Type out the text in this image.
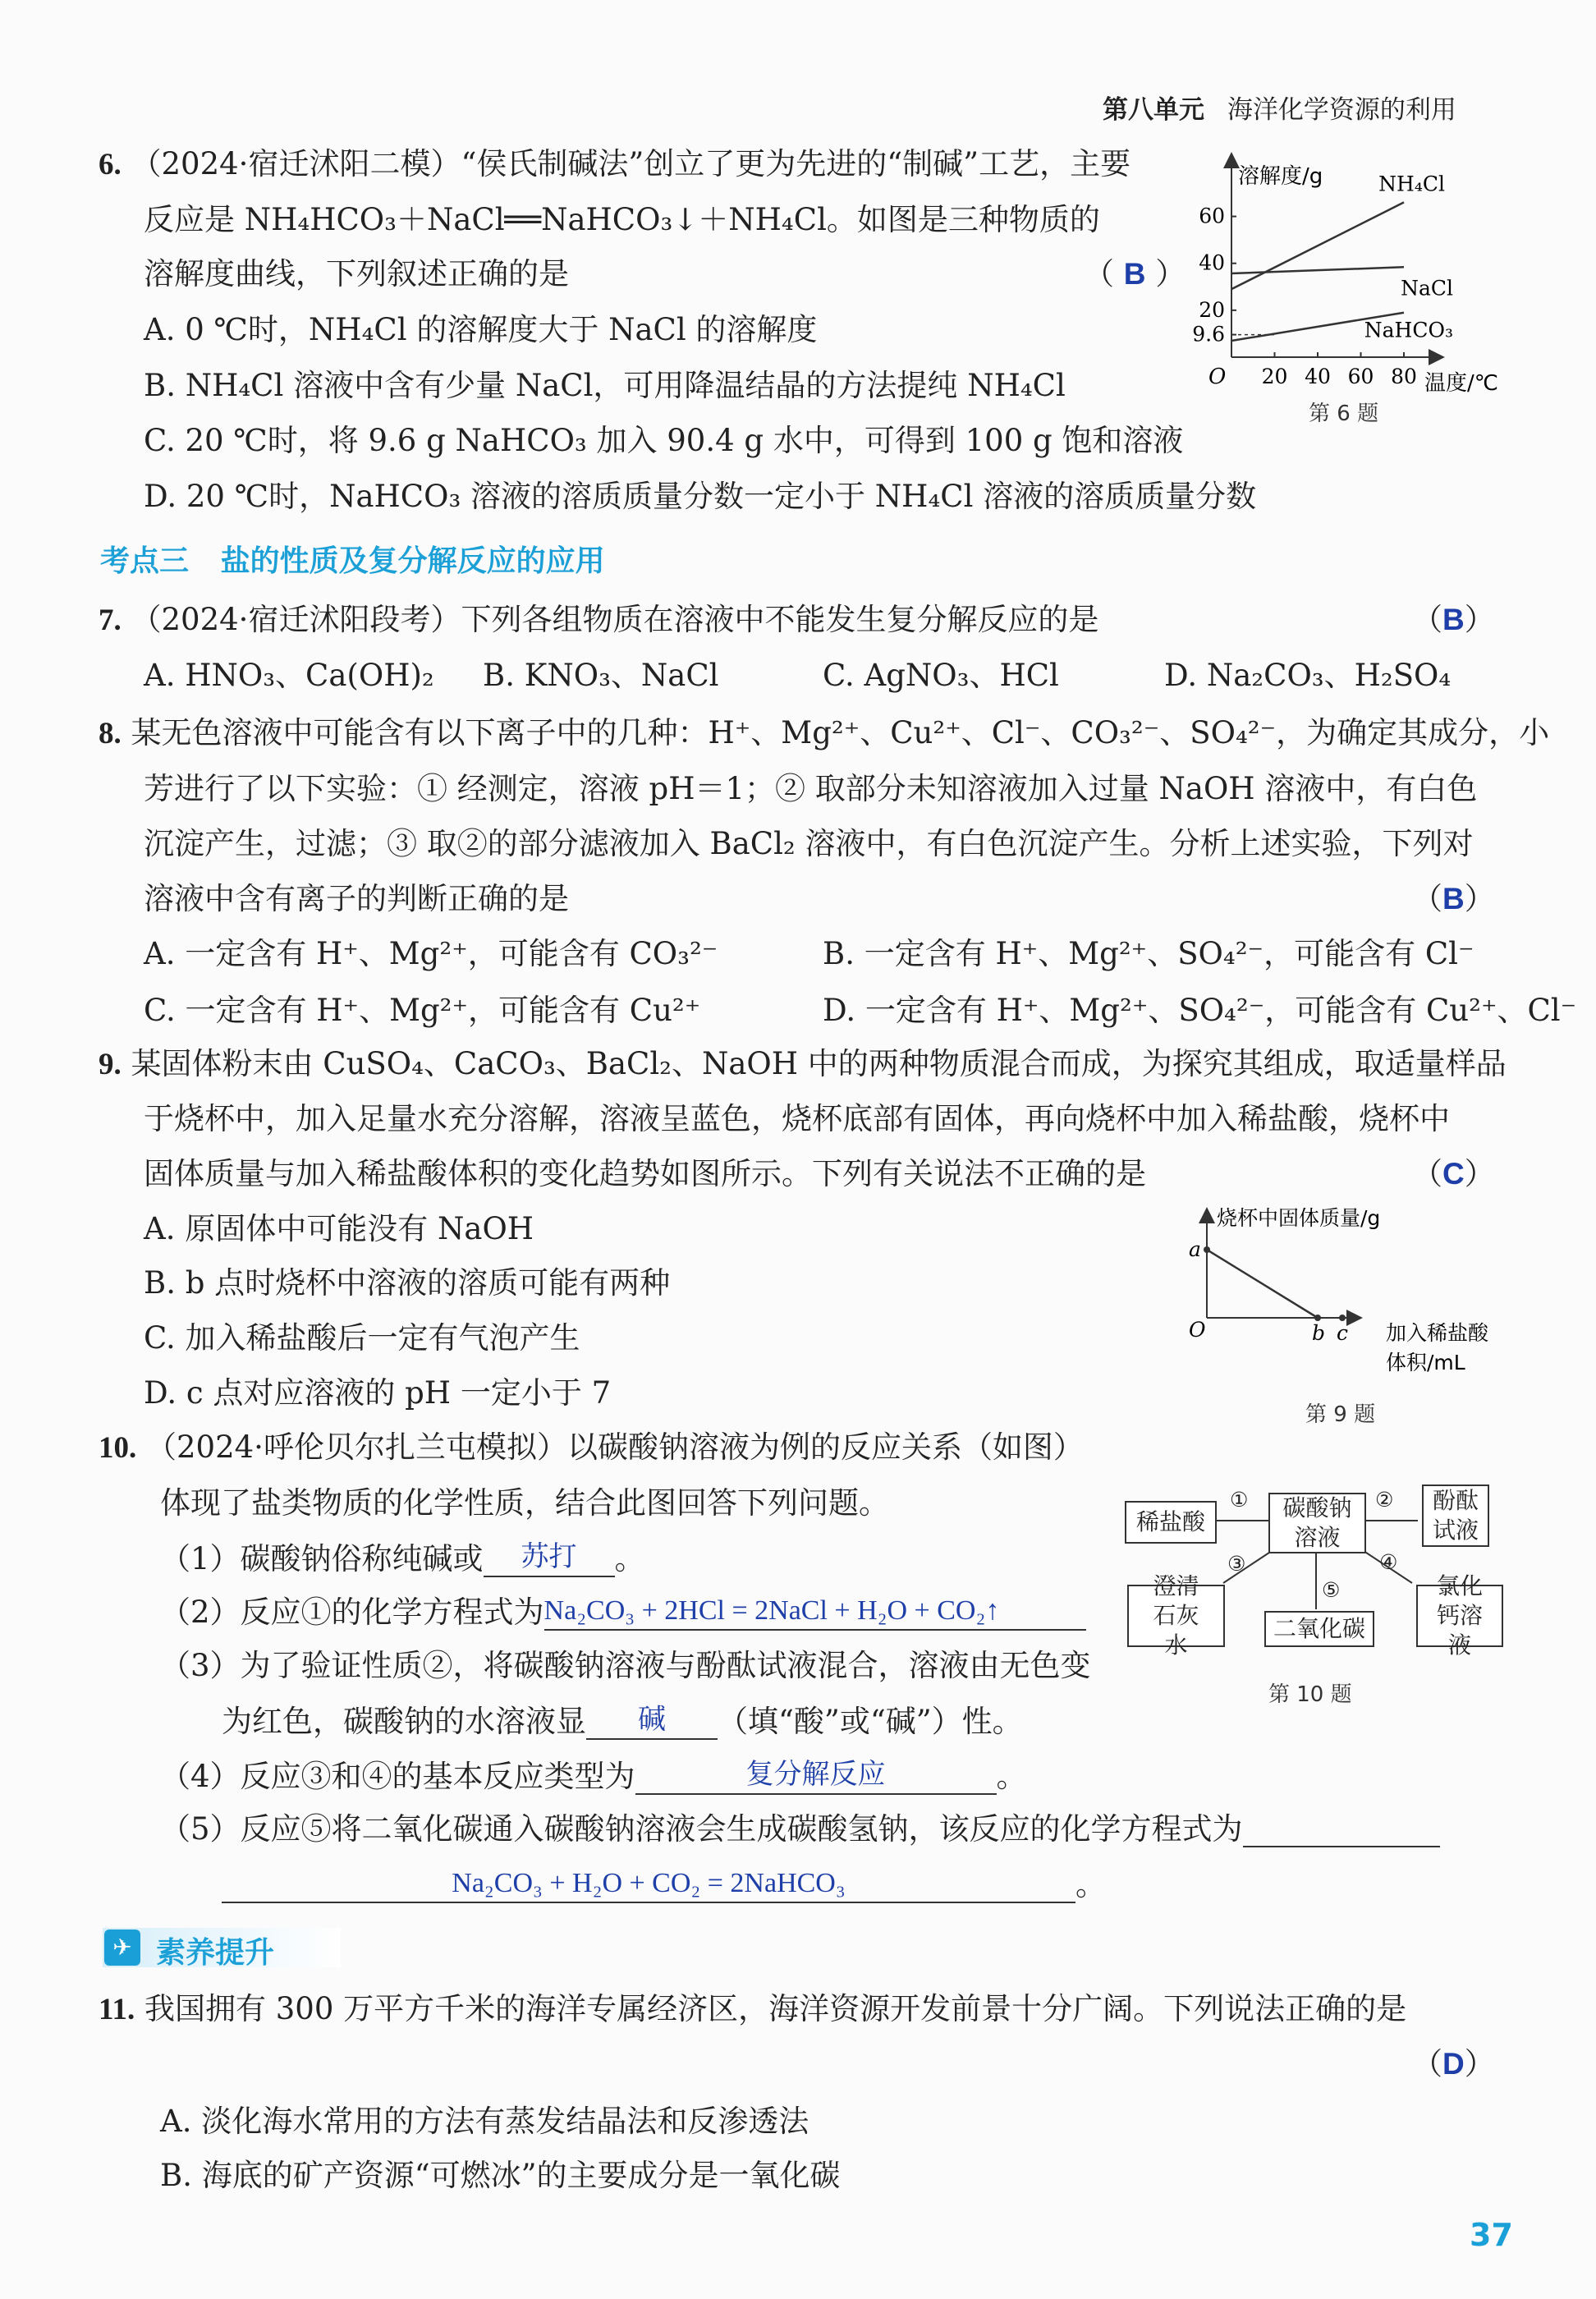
第八单元 海洋化学资源的利用
6. （2024·宿迁沭阳二模）“侯氏制碱法”创立了更为先进的“制碱”工艺，主要
反应是 NH₄HCO₃＋NaCl══NaHCO₃↓＋NH₄Cl。如图是三种物质的
溶解度曲线，下列叙述正确的是	（ B ）
A. 0 ℃时，NH₄Cl 的溶解度大于 NaCl 的溶解度
B. NH₄Cl 溶液中含有少量 NaCl，可用降温结晶的方法提纯 NH₄Cl
C. 20 ℃时，将 9.6 g NaHCO₃ 加入 90.4 g 水中，可得到 100 g 饱和溶液
D. 20 ℃时，NaHCO₃ 溶液的溶质质量分数一定小于 NH₄Cl 溶液的溶质质量分数
溶解度/g
温度/℃
O 20 40 60 80
9.6
20
40
60
NH₄Cl
NaCl
NaHCO₃
第 6 题
考点三 盐的性质及复分解反应的应用
7. （2024·宿迁沭阳段考）下列各组物质在溶液中不能发生复分解反应的是	（B）
A. HNO₃、Ca(OH)₂ B. KNO₃、NaCl	C. AgNO₃、HCl	D. Na₂CO₃、H₂SO₄
8. 某无色溶液中可能含有以下离子中的几种：H⁺、Mg²⁺、Cu²⁺、Cl⁻、CO₃²⁻、SO₄²⁻，为确定其成分，小
芳进行了以下实验：① 经测定，溶液 pH＝1；② 取部分未知溶液加入过量 NaOH 溶液中，有白色
沉淀产生，过滤；③ 取②的部分滤液加入 BaCl₂ 溶液中，有白色沉淀产生。分析上述实验，下列对
溶液中含有离子的判断正确的是	（B）
A. 一定含有 H⁺、Mg²⁺，可能含有 CO₃²⁻	B. 一定含有 H⁺、Mg²⁺、SO₄²⁻，可能含有 Cl⁻
C. 一定含有 H⁺、Mg²⁺，可能含有 Cu²⁺	D. 一定含有 H⁺、Mg²⁺、SO₄²⁻，可能含有 Cu²⁺、Cl⁻
9. 某固体粉末由 CuSO₄、CaCO₃、BaCl₂、NaOH 中的两种物质混合而成，为探究其组成，取适量样品
于烧杯中，加入足量水充分溶解，溶液呈蓝色，烧杯底部有固体，再向烧杯中加入稀盐酸，烧杯中
固体质量与加入稀盐酸体积的变化趋势如图所示。下列有关说法不正确的是	（C）
A. 原固体中可能没有 NaOH
B. b 点时烧杯中溶液的溶质可能有两种
C. 加入稀盐酸后一定有气泡产生
D. c 点对应溶液的 pH 一定小于 7
烧杯中固体质量/g
a
O	b c 加入稀盐酸
体积/mL
第 9 题
10. （2024·呼伦贝尔扎兰屯模拟）以碳酸钠溶液为例的反应关系（如图）
体现了盐类物质的化学性质，结合此图回答下列问题。
（1）碳酸钠俗称纯碱或 苏打 。
（2）反应①的化学方程式为Na₂CO₃ + 2HCl = 2NaCl + H₂O + CO₂↑
（3）为了验证性质②，将碳酸钠溶液与酚酞试液混合，溶液由无色变
为红色，碳酸钠的水溶液显 碱 （填“酸”或“碱”）性。
（4）反应③和④的基本反应类型为	复分解反应	。
（5）反应⑤将二氧化碳通入碳酸钠溶液会生成碳酸氢钠，该反应的化学方程式为
Na₂CO₃ + H₂O + CO₂ = 2NaHCO₃	。
稀盐酸
碳酸钠溶液
酚酞试液
澄清石灰水
二氧化碳
氯化钙溶液
①	②
③	④
⑤
第 10 题
✈ 素养提升
11. 我国拥有 300 万平方千米的海洋专属经济区，海洋资源开发前景十分广阔。下列说法正确的是
（D）
A. 淡化海水常用的方法有蒸发结晶法和反渗透法
B. 海底的矿产资源“可燃冰”的主要成分是一氧化碳
37
